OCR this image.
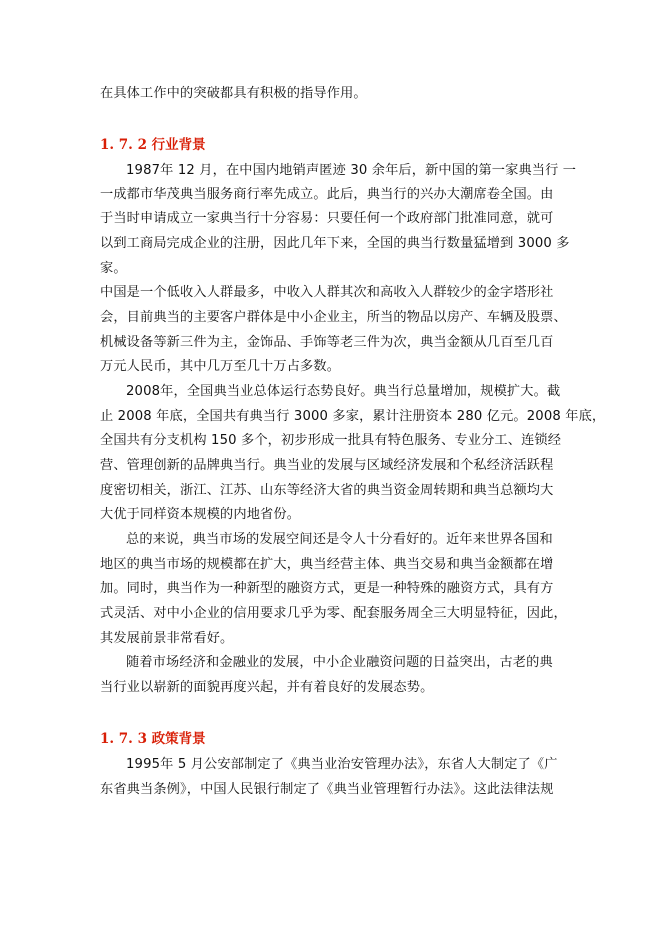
在具体工作中的突破都具有积极的指导作用。
1. 7. 2 行业背景
1987年 12 月，在中国内地销声匿迹 30 余年后，新中国的第一家典当行 一
一成都市华茂典当服务商行率先成立。此后，典当行的兴办大潮席卷全国。由
于当时申请成立一家典当行十分容易：只要任何一个政府部门批准同意，就可
以到工商局完成企业的注册，因此几年下来，全国的典当行数量猛增到 3000 多
家。
中国是一个低收入人群最多，中收入人群其次和高收入人群较少的金字塔形社
会，目前典当的主要客户群体是中小企业主，所当的物品以房产、车辆及股票、
机械设备等新三件为主，金饰品、手饰等老三件为次，典当金额从几百至几百
万元人民币，其中几万至几十万占多数。
2008年，全国典当业总体运行态势良好。典当行总量增加，规模扩大。截
止 2008 年底，全国共有典当行 3000 多家，累计注册资本 280 亿元。2008 年底，
全国共有分支机构 150 多个，初步形成一批具有特色服务、专业分工、连锁经
营、管理创新的品牌典当行。典当业的发展与区域经济发展和个私经济活跃程
度密切相关，浙江、江苏、山东等经济大省的典当资金周转期和典当总额均大
大优于同样资本规模的内地省份。
总的来说，典当市场的发展空间还是令人十分看好的。近年来世界各国和
地区的典当市场的规模都在扩大，典当经营主体、典当交易和典当金额都在增
加。同时，典当作为一种新型的融资方式，更是一种特殊的融资方式，具有方
式灵活、对中小企业的信用要求几乎为零、配套服务周全三大明显特征，因此，
其发展前景非常看好。
随着市场经济和金融业的发展，中小企业融资问题的日益突出，古老的典
当行业以崭新的面貌再度兴起，并有着良好的发展态势。
1. 7. 3 政策背景
1995年 5 月公安部制定了《典当业治安管理办法》，东省人大制定了《广
东省典当条例》，中国人民银行制定了《典当业管理暂行办法》。这此法律法规
